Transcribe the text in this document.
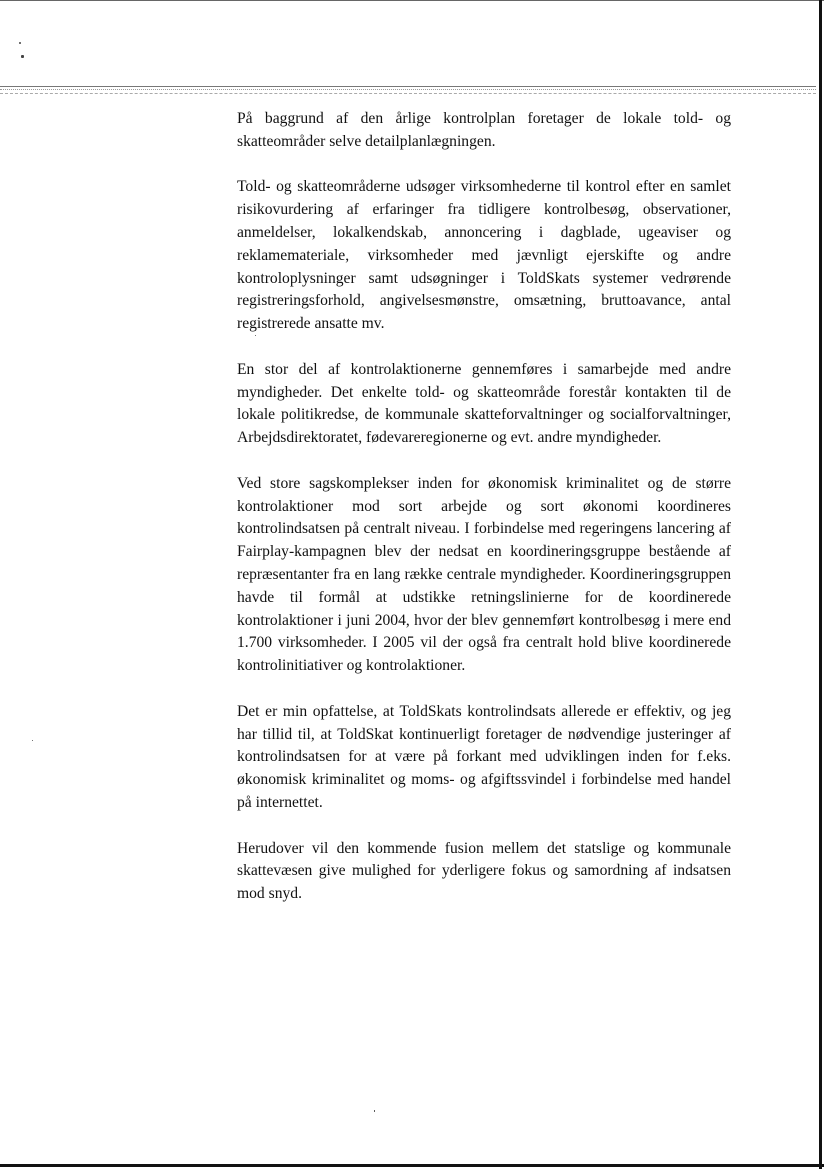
På baggrund af den årlige kontrolplan foretager de lokale told- og skatteområder selve detailplanlægningen.

Told- og skatteområderne udsøger virksomhederne til kontrol efter en samlet risikovurdering af erfaringer fra tidligere kontrolbesøg, observationer, anmeldelser, lokalkendskab, annoncering i dagblade, ugeaviser og reklamemateriale, virksomheder med jævnligt ejerskifte og andre kontroloplysninger samt udsøgninger i ToldSkats systemer vedrørende registreringsforhold, angivelsesmønstre, omsætning, bruttoavance, antal registrerede ansatte mv.

En stor del af kontrolaktionerne gennemføres i samarbejde med andre myndigheder. Det enkelte told- og skatteområde forestår kontakten til de lokale politikredse, de kommunale skatteforvaltninger og socialforvaltninger, Arbejdsdirektoratet, fødevareregionerne og evt. andre myndigheder.

Ved store sagskomplekser inden for økonomisk kriminalitet og de større kontrolaktioner mod sort arbejde og sort økonomi koordineres kontrolindsatsen på centralt niveau. I forbindelse med regeringens lancering af Fairplay-kampagnen blev der nedsat en koordineringsgruppe bestående af repræsentanter fra en lang række centrale myndigheder. Koordineringsgruppen havde til formål at udstikke retningslinierne for de koordinerede kontrolaktioner i juni 2004, hvor der blev gennemført kontrolbesøg i mere end 1.700 virksomheder. I 2005 vil der også fra centralt hold blive koordinerede kontrolinitiativer og kontrolaktioner.

Det er min opfattelse, at ToldSkats kontrolindsats allerede er effektiv, og jeg har tillid til, at ToldSkat kontinuerligt foretager de nødvendige justeringer af kontrolindsatsen for at være på forkant med udviklingen inden for f.eks. økonomisk kriminalitet og moms- og afgiftssvindel i forbindelse med handel på internettet.

Herudover vil den kommende fusion mellem det statslige og kommunale skattevæsen give mulighed for yderligere fokus og samordning af indsatsen mod snyd.
